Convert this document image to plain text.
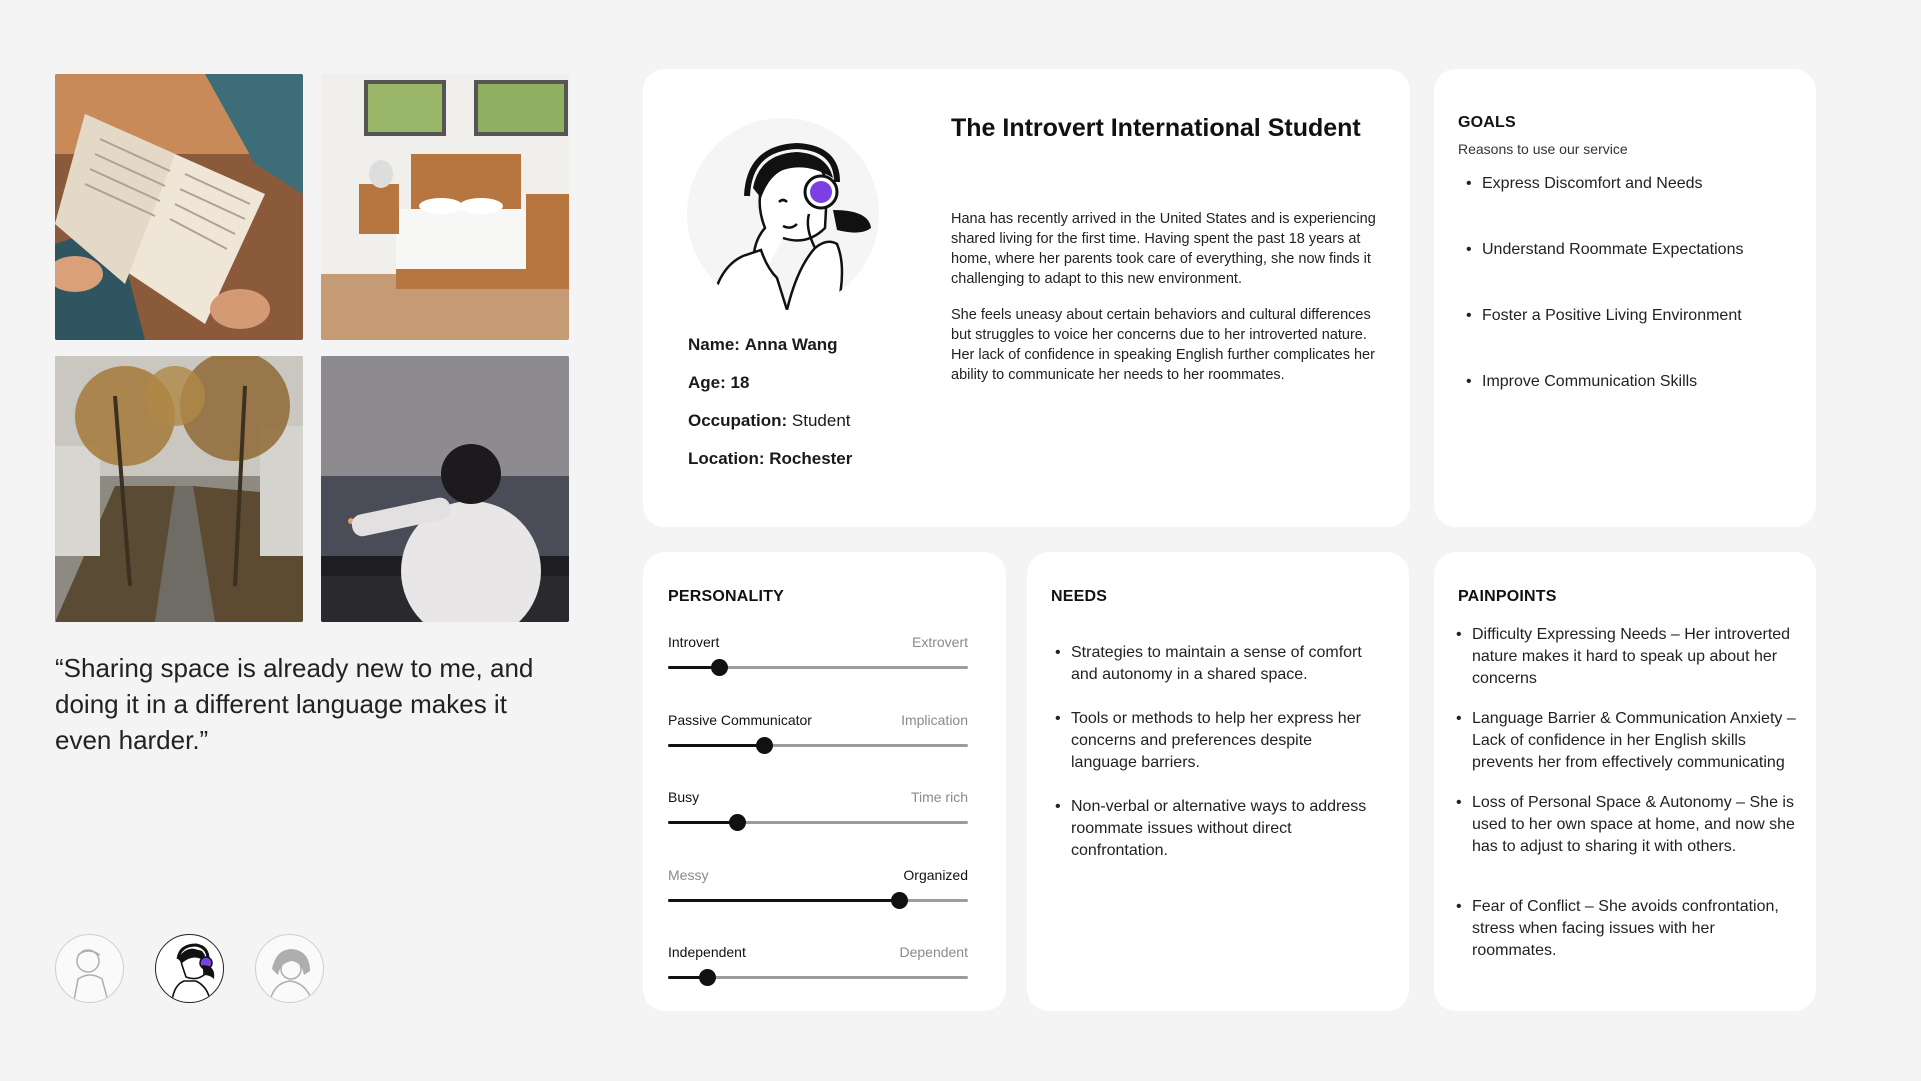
“Sharing space is already new to me, and doing it in a different language makes it even harder.”
Name: Anna Wang
Age: 18
Occupation: Student
Location: Rochester
The Introvert International Student

Hana has recently arrived in the United States and is experiencing shared living for the first time. Having spent the past 18 years at home, where her parents took care of everything, she now finds it challenging to adapt to this new environment.

She feels uneasy about certain behaviors and cultural differences but struggles to voice her concerns due to her introverted nature. Her lack of confidence in speaking English further complicates her ability to communicate her needs to her roommates.

GOALS
Reasons to use our service
• Express Discomfort and Needs
• Understand Roommate Expectations
• Foster a Positive Living Environment
• Improve Communication Skills
PERSONALITY
Introvert	Extrovert
Passive Communicator	Implication
Busy	Time rich
Messy	Organized
Independent	Dependent
NEEDS
• Strategies to maintain a sense of comfort and autonomy in a shared space.
• Tools or methods to help her express her concerns and preferences despite language barriers.
• Non-verbal or alternative ways to address roommate issues without direct confrontation.
PAINPOINTS
• Difficulty Expressing Needs – Her introverted nature makes it hard to speak up about her concerns
• Language Barrier & Communication Anxiety – Lack of confidence in her English skills prevents her from effectively communicating
• Loss of Personal Space & Autonomy – She is used to her own space at home, and now she has to adjust to sharing it with others.
• Fear of Conflict – She avoids confrontation, stress when facing issues with her roommates.
